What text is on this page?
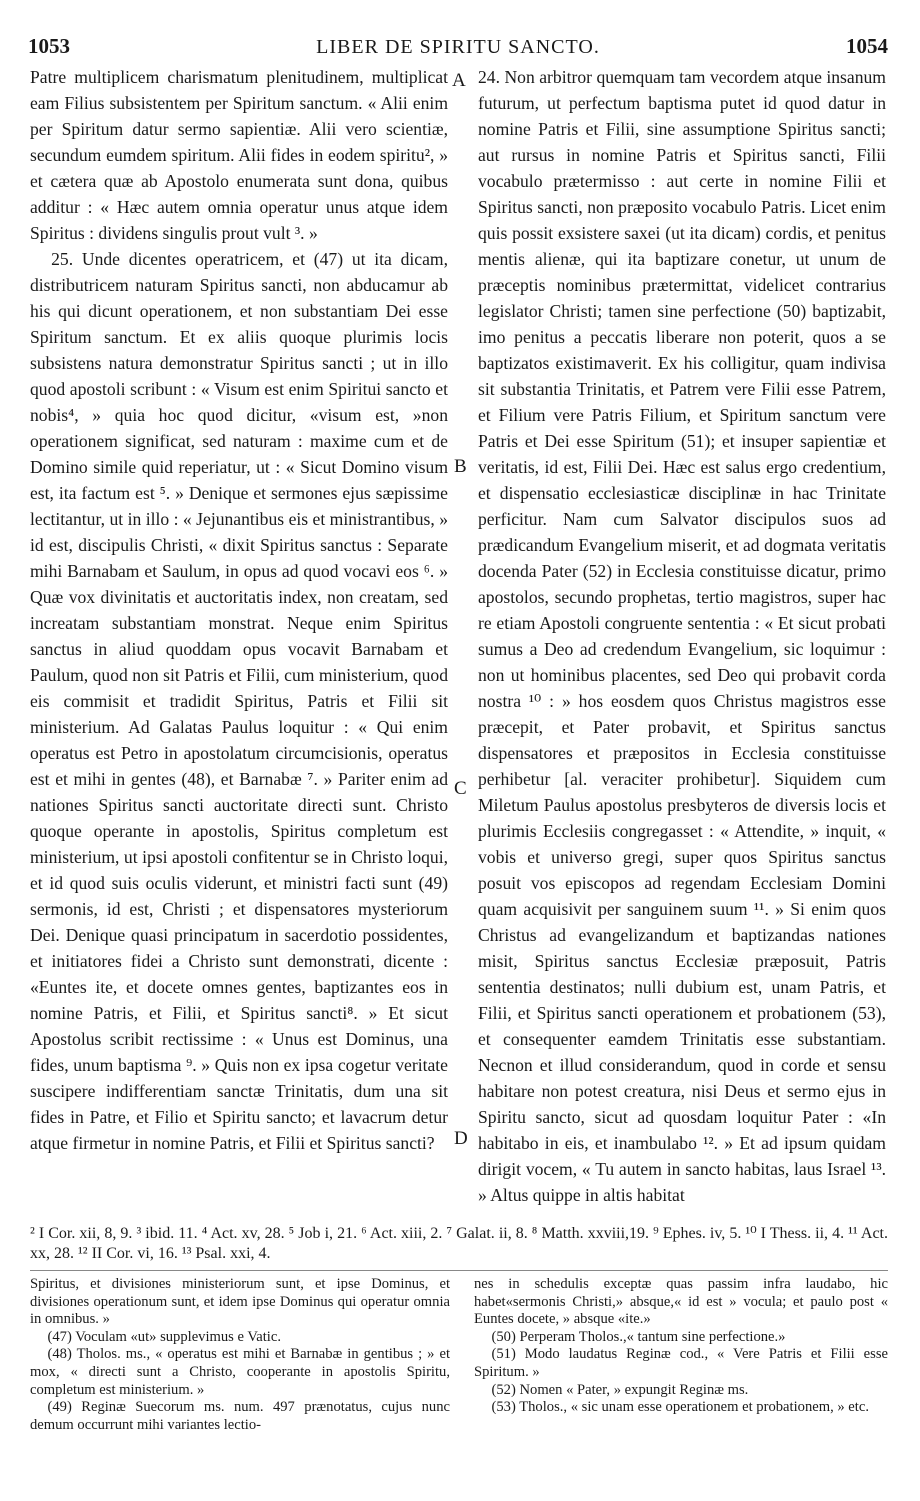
1053	LIBER DE SPIRITU SANCTO.	1054

Patre multiplicem charismatum plenitudinem, multiplicat eam Filius subsistentem per Spiritum sanctum. « Alii enim per Spiritum datur sermo sapientiæ. Alii vero scientiæ, secundum eumdem spiritum. Alii fides in eodem spiritu², » et cætera quæ ab Apostolo enumerata sunt dona, quibus additur : « Hæc autem omnia operatur unus atque idem Spiritus : dividens singulis prout vult ³. »

25. Unde dicentes operatricem, et (47) ut ita dicam, distributricem naturam Spiritus sancti, non abducamur ab his qui dicunt operationem, et non substantiam Dei esse Spiritum sanctum. Et ex aliis quoque plurimis locis subsistens natura demonstratur Spiritus sancti ; ut in illo quod apostoli scribunt : « Visum est enim Spiritui sancto et nobis⁴, » quia hoc quod dicitur, «visum est, »non operationem significat, sed naturam : maxime cum et de Domino simile quid reperiatur, ut : « Sicut Domino visum est, ita factum est ⁵. » Denique et sermones ejus sæpissime lectitantur, ut in illo : « Jejunantibus eis et ministrantibus, » id est, discipulis Christi, « dixit Spiritus sanctus : Separate mihi Barnabam et Saulum, in opus ad quod vocavi eos ⁶. » Quæ vox divinitatis et auctoritatis index, non creatam, sed increatam substantiam monstrat. Neque enim Spiritus sanctus in aliud quoddam opus vocavit Barnabam et Paulum, quod non sit Patris et Filii, cum ministerium, quod eis commisit et tradidit Spiritus, Patris et Filii sit ministerium. Ad Galatas Paulus loquitur : « Qui enim operatus est Petro in apostolatum circumcisionis, operatus est et mihi in gentes (48), et Barnabæ ⁷. » Pariter enim ad nationes Spiritus sancti auctoritate directi sunt. Christo quoque operante in apostolis, Spiritus completum est ministerium, ut ipsi apostoli confitentur se in Christo loqui, et id quod suis oculis viderunt, et ministri facti sunt (49) sermonis, id est, Christi ; et dispensatores mysteriorum Dei. Denique quasi principatum in sacerdotio possidentes, et initiatores fidei a Christo sunt demonstrati, dicente : «Euntes ite, et docete omnes gentes, baptizantes eos in nomine Patris, et Filii, et Spiritus sancti⁸. » Et sicut Apostolus scribit rectissime : « Unus est Dominus, una fides, unum baptisma ⁹. » Quis non ex ipsa cogetur veritate suscipere indifferentiam sanctæ Trinitatis, dum una sit fides in Patre, et Filio et Spiritu sancto; et lavacrum detur atque firmetur in nomine Patris, et Filii et Spiritus sancti?

A
B
C
D

24. Non arbitror quemquam tam vecordem atque insanum futurum, ut perfectum baptisma putet id quod datur in nomine Patris et Filii, sine assumptione Spiritus sancti; aut rursus in nomine Patris et Spiritus sancti, Filii vocabulo prætermisso : aut certe in nomine Filii et Spiritus sancti, non præposito vocabulo Patris. Licet enim quis possit exsistere saxei (ut ita dicam) cordis, et penitus mentis alienæ, qui ita baptizare conetur, ut unum de præceptis nominibus prætermittat, videlicet contrarius legislator Christi; tamen sine perfectione (50) baptizabit, imo penitus a peccatis liberare non poterit, quos a se baptizatos existimaverit. Ex his colligitur, quam indivisa sit substantia Trinitatis, et Patrem vere Filii esse Patrem, et Filium vere Patris Filium, et Spiritum sanctum vere Patris et Dei esse Spiritum (51); et insuper sapientiæ et veritatis, id est, Filii Dei. Hæc est salus ergo credentium, et dispensatio ecclesiasticæ disciplinæ in hac Trinitate perficitur. Nam cum Salvator discipulos suos ad prædicandum Evangelium miserit, et ad dogmata veritatis docenda Pater (52) in Ecclesia constituisse dicatur, primo apostolos, secundo prophetas, tertio magistros, super hac re etiam Apostoli congruente sententia : « Et sicut probati sumus a Deo ad credendum Evangelium, sic loquimur : non ut hominibus placentes, sed Deo qui probavit corda nostra ¹⁰ : » hos eosdem quos Christus magistros esse præcepit, et Pater probavit, et Spiritus sanctus dispensatores et præpositos in Ecclesia constituisse perhibetur [al. veraciter prohibetur]. Siquidem cum Miletum Paulus apostolus presbyteros de diversis locis et plurimis Ecclesiis congregasset : « Attendite, » inquit, « vobis et universo gregi, super quos Spiritus sanctus posuit vos episcopos ad regendam Ecclesiam Domini quam acquisivit per sanguinem suum ¹¹. » Si enim quos Christus ad evangelizandum et baptizandas nationes misit, Spiritus sanctus Ecclesiæ præposuit, Patris sententia destinatos; nulli dubium est, unam Patris, et Filii, et Spiritus sancti operationem et probationem (53), et consequenter eamdem Trinitatis esse substantiam. Necnon et illud considerandum, quod in corde et sensu habitare non potest creatura, nisi Deus et sermo ejus in Spiritu sancto, sicut ad quosdam loquitur Pater : «In habitabo in eis, et inambulabo ¹². » Et ad ipsum quidam dirigit vocem, « Tu autem in sancto habitas, laus Israel ¹³. » Altus quippe in altis habitat

² I Cor. xii, 8, 9. ³ ibid. 11. ⁴ Act. xv, 28. ⁵ Job i, 21. ⁶ Act. xiii, 2. ⁷ Galat. ii, 8. ⁸ Matth. xxviii,19. ⁹ Ephes. iv, 5. ¹⁰ I Thess. ii, 4. ¹¹ Act. xx, 28. ¹² II Cor. vi, 16. ¹³ Psal. xxi, 4.

Spiritus, et divisiones ministeriorum sunt, et ipse Dominus, et divisiones operationum sunt, et idem ipse Dominus qui operatur omnia in omnibus. »

(47) Voculam «ut» supplevimus e Vatic.

(48) Tholos. ms., « operatus est mihi et Barnabæ in gentibus ; » et mox, « directi sunt a Christo, cooperante in apostolis Spiritu, completum est ministerium. »

(49) Reginæ Suecorum ms. num. 497 prænotatus, cujus nunc demum occurrunt mihi variantes lectio-

nes in schedulis exceptæ quas passim infra laudabo, hic habet«sermonis Christi,» absque,« id est » vocula; et paulo post « Euntes docete, » absque «ite.»

(50) Perperam Tholos.,« tantum sine perfectione.»

(51) Modo laudatus Reginæ cod., « Vere Patris et Filii esse Spiritum. »

(52) Nomen « Pater, » expungit Reginæ ms.

(53) Tholos., « sic unam esse operationem et probationem, » etc.
